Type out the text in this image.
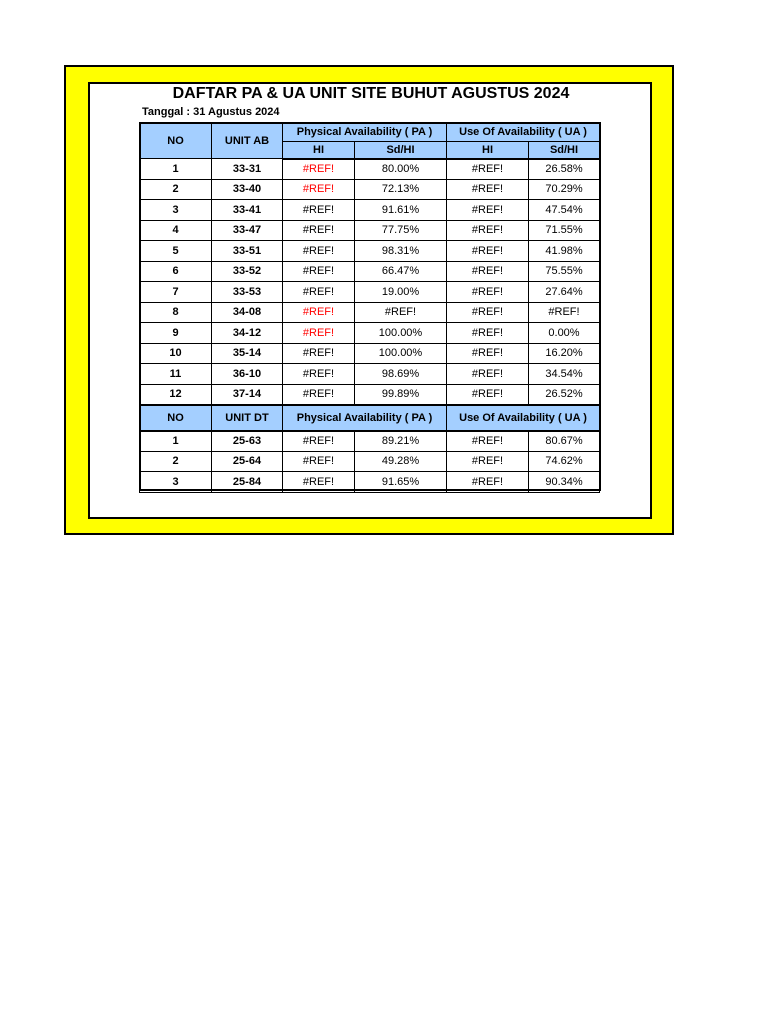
DAFTAR PA & UA UNIT SITE BUHUT AGUSTUS 2024
Tanggal : 31 Agustus 2024
NO	UNIT AB	Physical Availability ( PA )		Use Of Availability ( UA )	
		HI	Sd/HI	HI	Sd/HI
1	33-31	#REF!	80.00%	#REF!	26.58%
2	33-40	#REF!	72.13%	#REF!	70.29%
3	33-41	#REF!	91.61%	#REF!	47.54%
4	33-47	#REF!	77.75%	#REF!	71.55%
5	33-51	#REF!	98.31%	#REF!	41.98%
6	33-52	#REF!	66.47%	#REF!	75.55%
7	33-53	#REF!	19.00%	#REF!	27.64%
8	34-08	#REF!	#REF!	#REF!	#REF!
9	34-12	#REF!	100.00%	#REF!	0.00%
10	35-14	#REF!	100.00%	#REF!	16.20%
11	36-10	#REF!	98.69%	#REF!	34.54%
12	37-14	#REF!	99.89%	#REF!	26.52%
NO	UNIT DT	Physical Availability ( PA )		Use Of Availability ( UA )	
1	25-63	#REF!	89.21%	#REF!	80.67%
2	25-64	#REF!	49.28%	#REF!	74.62%
3	25-84	#REF!	91.65%	#REF!	90.34%
